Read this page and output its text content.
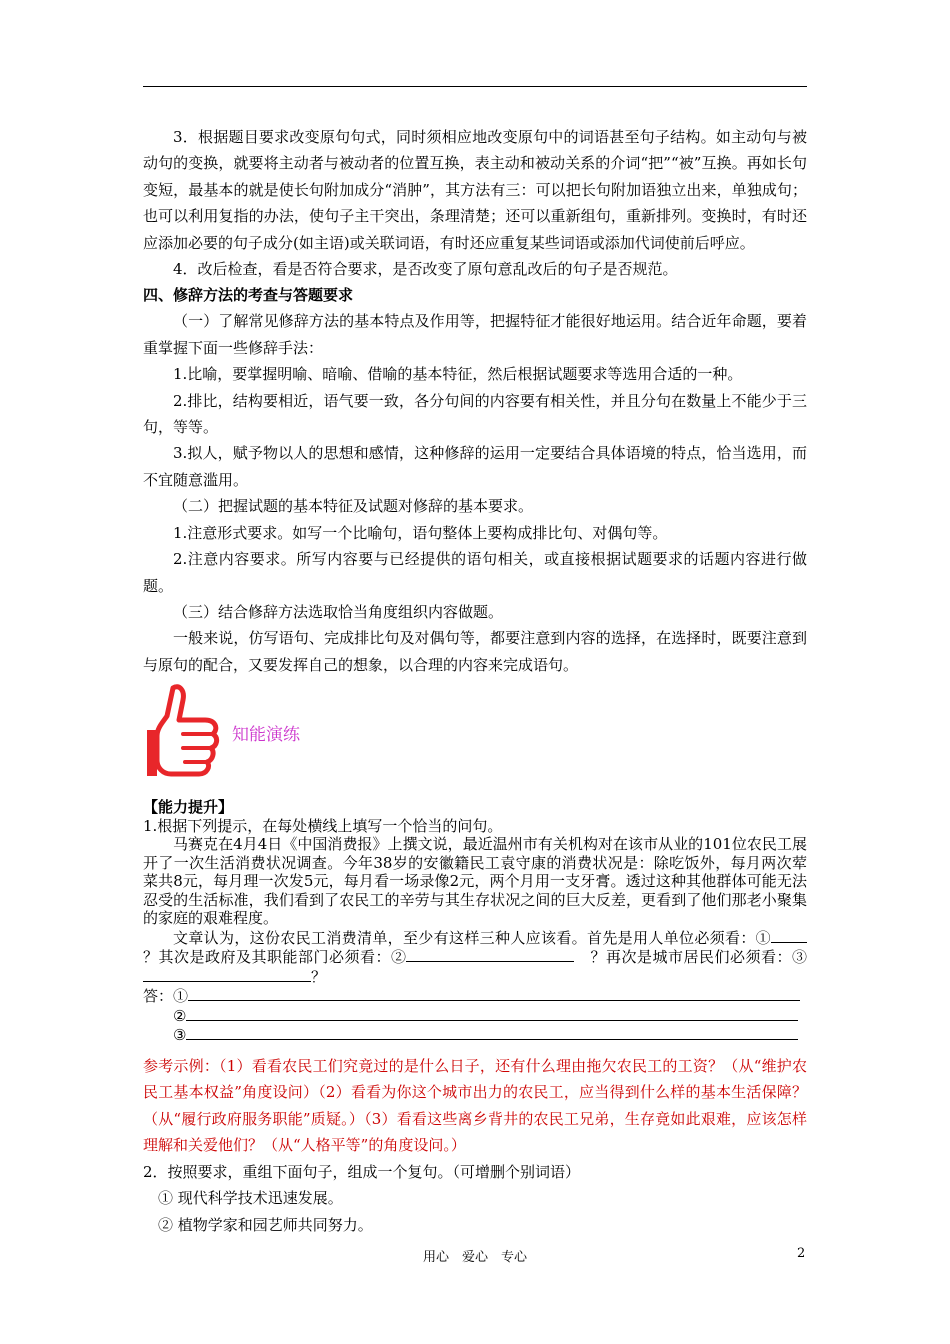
3．根据题目要求改变原句句式，同时须相应地改变原句中的词语甚至句子结构。如主动句与被动句的变换，就要将主动者与被动者的位置互换，表主动和被动关系的介词“把”“被”互换。再如长句变短，最基本的就是使长句附加成分“消肿”，其方法有三：可以把长句附加语独立出来，单独成句；也可以利用复指的办法，使句子主干突出，条理清楚；还可以重新组句，重新排列。变换时，有时还应添加必要的句子成分(如主语)或关联词语，有时还应重复某些词语或添加代词使前后呼应。

4．改后检查，看是否符合要求，是否改变了原句意乱改后的句子是否规范。

四、修辞方法的考查与答题要求

（一）了解常见修辞方法的基本特点及作用等，把握特征才能很好地运用。结合近年命题，要着重掌握下面一些修辞手法：

1.比喻，要掌握明喻、暗喻、借喻的基本特征，然后根据试题要求等选用合适的一种。

2.排比，结构要相近，语气要一致，各分句间的内容要有相关性，并且分句在数量上不能少于三句，等等。

3.拟人，赋予物以人的思想和感情，这种修辞的运用一定要结合具体语境的特点，恰当选用，而不宜随意滥用。

（二）把握试题的基本特征及试题对修辞的基本要求。

1.注意形式要求。如写一个比喻句，语句整体上要构成排比句、对偶句等。

2.注意内容要求。所写内容要与已经提供的语句相关，或直接根据试题要求的话题内容进行做题。

（三）结合修辞方法选取恰当角度组织内容做题。

一般来说，仿写语句、完成排比句及对偶句等，都要注意到内容的选择，在选择时，既要注意到与原句的配合，又要发挥自己的想象，以合理的内容来完成语句。

知能演练

【能力提升】

1.根据下列提示，在每处横线上填写一个恰当的问句。

马赛克在4月4日《中国消费报》上撰文说，最近温州市有关机构对在该市从业的101位农民工展开了一次生活消费状况调查。今年38岁的安徽籍民工袁守康的消费状况是：除吃饭外，每月两次荤菜共8元，每月理一次发5元，每月看一场录像2元，两个月用一支牙膏。透过这种其他群体可能无法忍受的生活标准，我们看到了农民工的辛劳与其生存状况之间的巨大反差，更看到了他们那老小聚集的家庭的艰难程度。

文章认为，这份农民工消费清单，至少有这样三种人应该看。首先是用人单位必须看：①？其次是政府及其职能部门必须看：②　	？再次是城市居民们必须看：③　？

答：①

②

③

参考示例：（1）看看农民工们究竟过的是什么日子，还有什么理由拖欠农民工的工资？（从“维护农民工基本权益”角度设问）（2）看看为你这个城市出力的农民工，应当得到什么样的基本生活保障？（从“履行政府服务职能”质疑。）（3）看看这些离乡背井的农民工兄弟，生存竟如此艰难，应该怎样理解和关爱他们？（从“人格平等”的角度设问。）

2．按照要求，重组下面句子，组成一个复句。（可增删个别词语）

① 现代科学技术迅速发展。

② 植物学家和园艺师共同努力。

用心　爱心　专心	2
